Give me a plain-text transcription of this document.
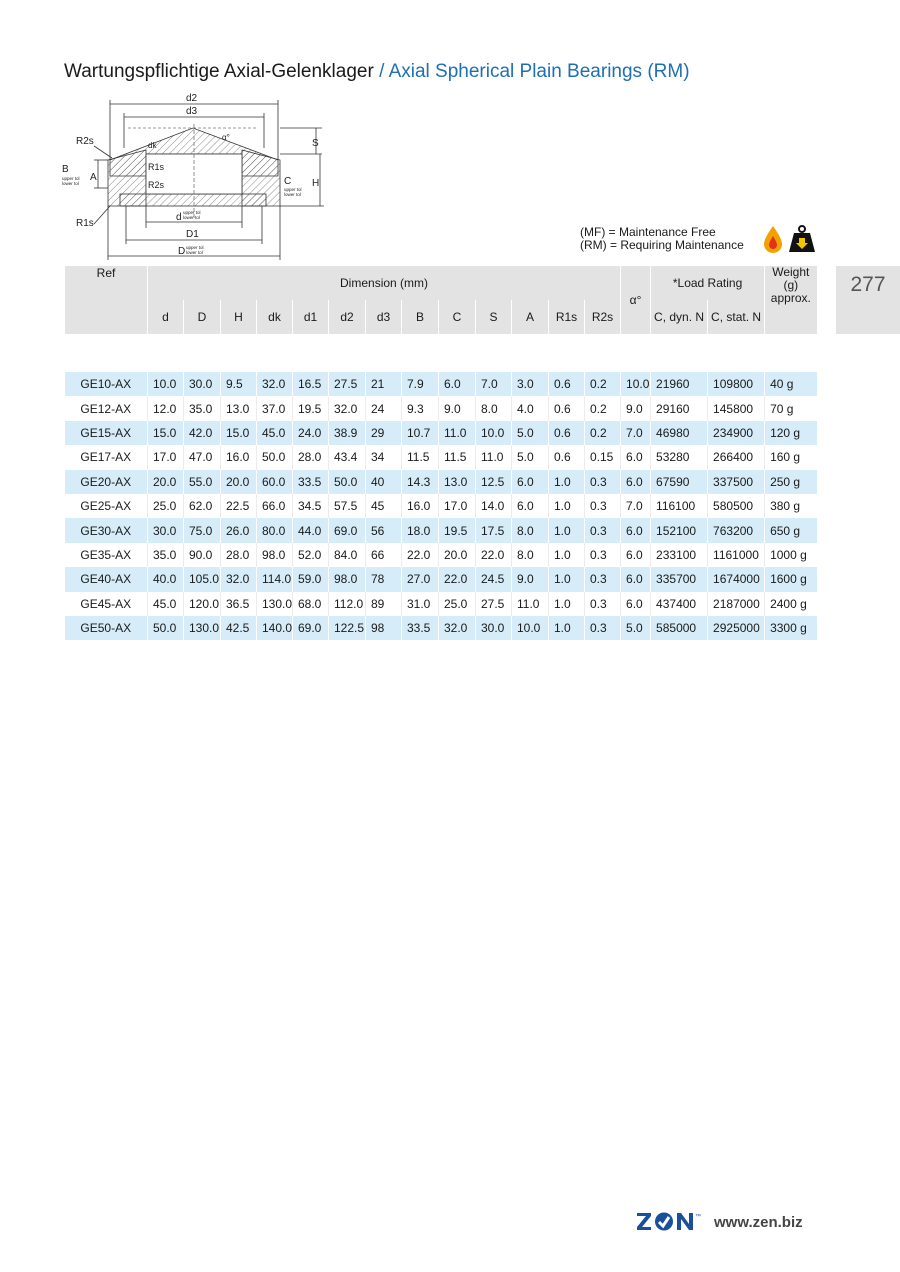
Wartungspflichtige Axial-Gelenklager / Axial Spherical Plain Bearings (RM)
d2
d3
S
R2s	dk
α°
B
upper tol
lower tol
A
R1s
R2s	C
upper tol
lower tol
H
R1s
d upper tol
lower tol
D1
D upper tol
lower tol
(MF) = Maintenance Free
(RM) = Requiring Maintenance
277
Ref	Dimension (mm)													α°	*Load Rating		Weight
(g)
approx.

	d	D	H	dk	d1	d2	d3	B	C	S	A	R1s	R2s		C, dyn. N	C, stat. N	

GE10-AX	10.0	30.0	9.5	32.0	16.5	27.5	21	7.9	6.0	7.0	3.0	0.6	0.2	10.0	21960	109800	40 g
GE12-AX	12.0	35.0	13.0	37.0	19.5	32.0	24	9.3	9.0	8.0	4.0	0.6	0.2	9.0	29160	145800	70 g
GE15-AX	15.0	42.0	15.0	45.0	24.0	38.9	29	10.7	11.0	10.0	5.0	0.6	0.2	7.0	46980	234900	120 g
GE17-AX	17.0	47.0	16.0	50.0	28.0	43.4	34	11.5	11.5	11.0	5.0	0.6	0.15	6.0	53280	266400	160 g
GE20-AX	20.0	55.0	20.0	60.0	33.5	50.0	40	14.3	13.0	12.5	6.0	1.0	0.3	6.0	67590	337500	250 g
GE25-AX	25.0	62.0	22.5	66.0	34.5	57.5	45	16.0	17.0	14.0	6.0	1.0	0.3	7.0	116100	580500	380 g
GE30-AX	30.0	75.0	26.0	80.0	44.0	69.0	56	18.0	19.5	17.5	8.0	1.0	0.3	6.0	152100	763200	650 g
GE35-AX	35.0	90.0	28.0	98.0	52.0	84.0	66	22.0	20.0	22.0	8.0	1.0	0.3	6.0	233100	1161000	1000 g
GE40-AX	40.0	105.0	32.0	114.0	59.0	98.0	78	27.0	22.0	24.5	9.0	1.0	0.3	6.0	335700	1674000	1600 g
GE45-AX	45.0	120.0	36.5	130.0	68.0	112.0	89	31.0	25.0	27.5	11.0	1.0	0.3	6.0	437400	2187000	2400 g
GE50-AX	50.0	130.0	42.5	140.0	69.0	122.5	98	33.5	32.0	30.0	10.0	1.0	0.3	5.0	585000	2925000	3300 g
™
ZEN
www.zen.biz
